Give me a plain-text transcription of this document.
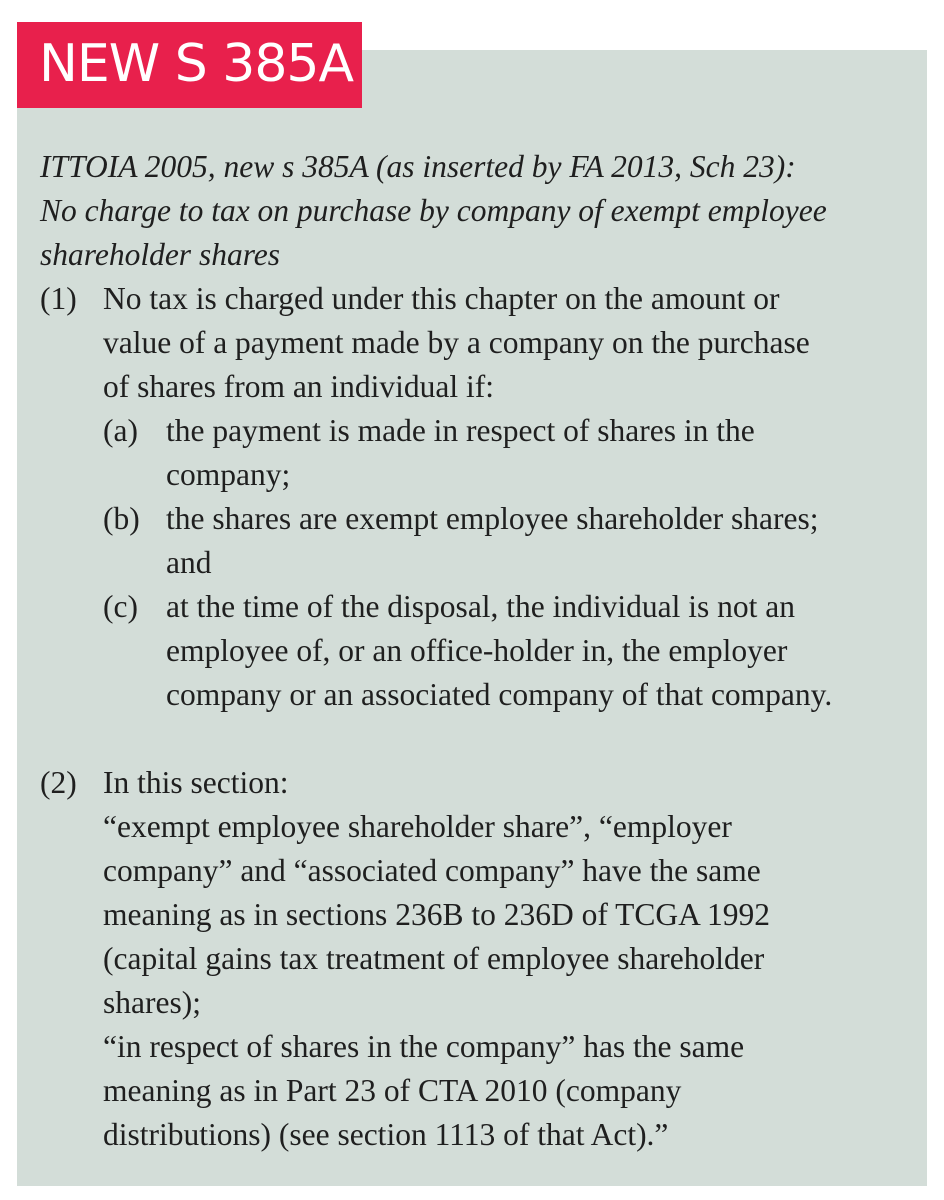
NEW S 385A
ITTOIA 2005, new s 385A (as inserted by FA 2013, Sch 23):
No charge to tax on purchase by company of exempt employee
shareholder shares
(1) No tax is charged under this chapter on the amount or
value of a payment made by a company on the purchase
of shares from an individual if:
(a) the payment is made in respect of shares in the
company;
(b) the shares are exempt employee shareholder shares;
and
(c) at the time of the disposal, the individual is not an
employee of, or an office-holder in, the employer
company or an associated company of that company.
(2) In this section:
“exempt employee shareholder share”, “employer
company” and “associated company” have the same
meaning as in sections 236B to 236D of TCGA 1992
(capital gains tax treatment of employee shareholder
shares);
“in respect of shares in the company” has the same
meaning as in Part 23 of CTA 2010 (company
distributions) (see section 1113 of that Act).”
